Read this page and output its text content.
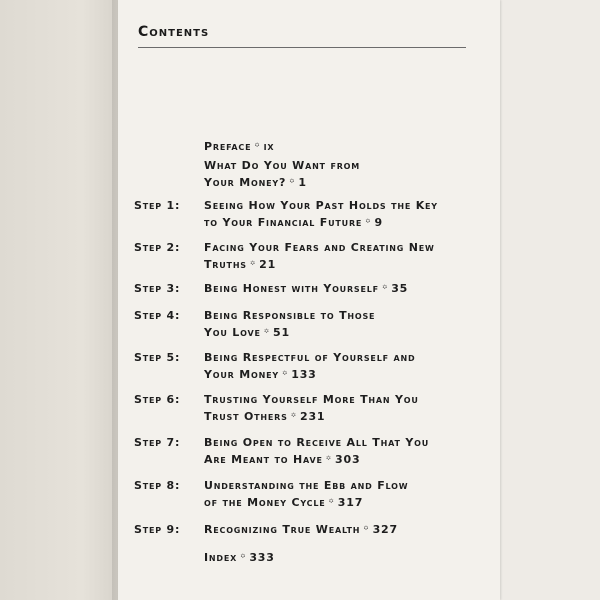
Contents
Preface ꙳ ix
What Do You Want from
Your Money? ꙳ 1
Step 1:	Seeing How Your Past Holds the Key
to Your Financial Future ꙳ 9
Step 2:	Facing Your Fears and Creating New
Truths ꙳ 21
Step 3:	Being Honest with Yourself ꙳ 35
Step 4:	Being Responsible to Those
You Love ꙳ 51
Step 5:	Being Respectful of Yourself and
Your Money ꙳ 133
Step 6:	Trusting Yourself More Than You
Trust Others ꙳ 231
Step 7:	Being Open to Receive All That You
Are Meant to Have ꙳ 303
Step 8:	Understanding the Ebb and Flow
of the Money Cycle ꙳ 317
Step 9:	Recognizing True Wealth ꙳ 327
Index ꙳ 333
